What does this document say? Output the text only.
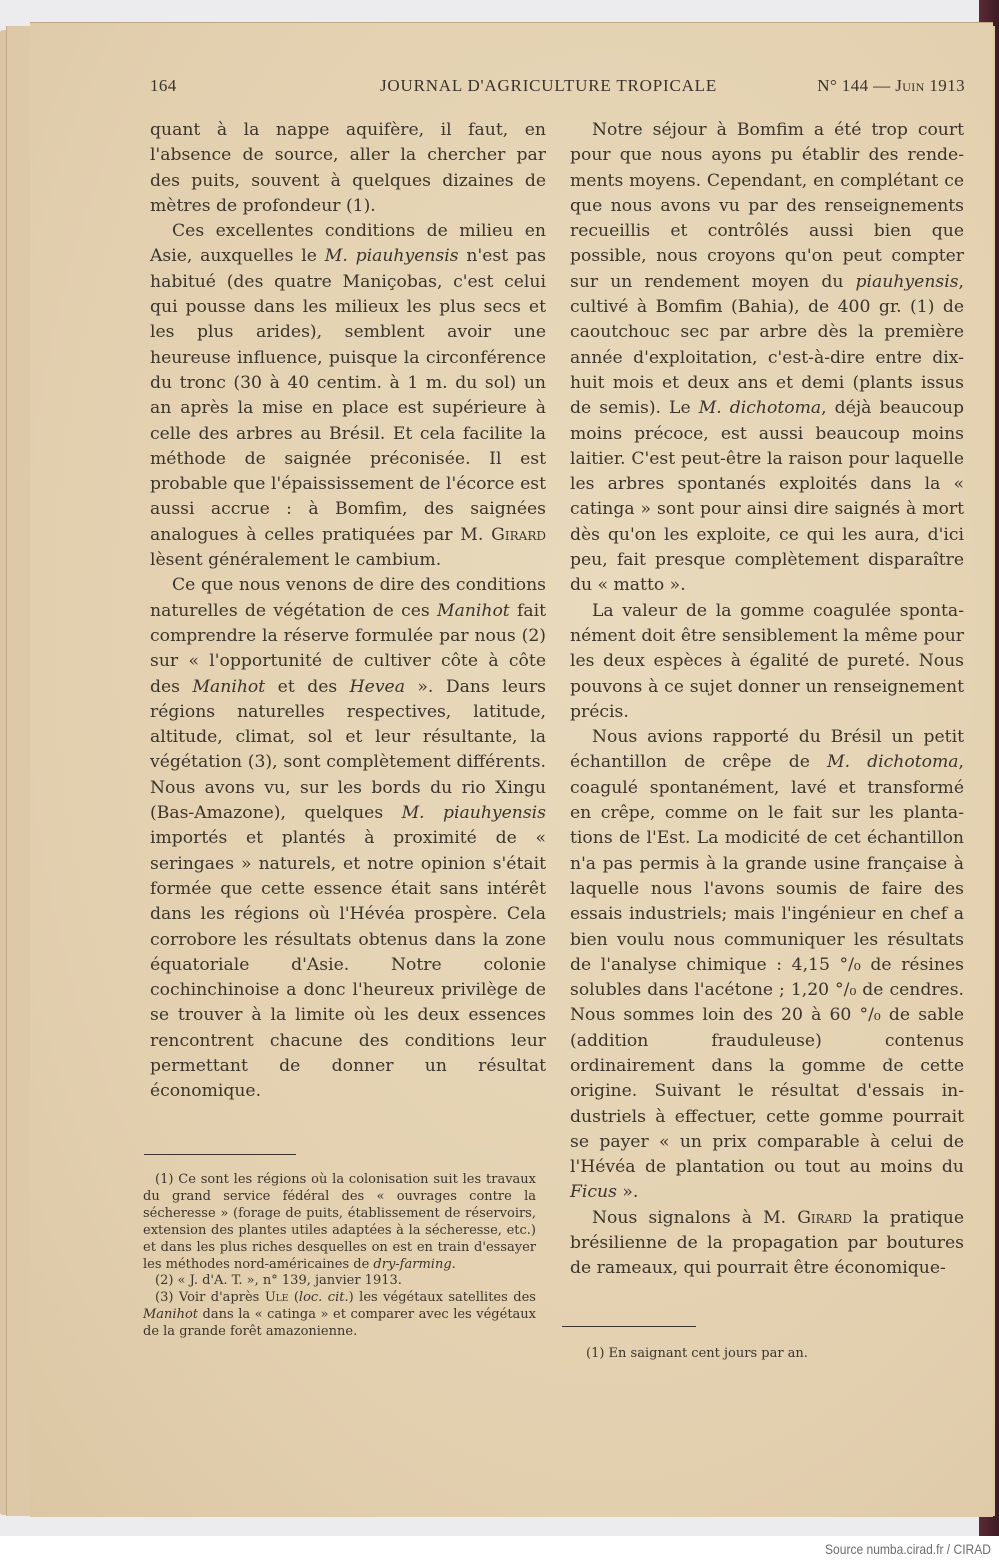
164	JOURNAL D'AGRICULTURE TROPICALE	N° 144 — Juin 1913

quant à la nappe aquifère, il faut, en l'absence de source, aller la chercher par des puits, souvent à quelques dizaines de mètres de profondeur (1).

Ces excellentes conditions de milieu en Asie, auxquelles le M. piauhyensis n'est pas habitué (des quatre Maniçobas, c'est celui qui pousse dans les milieux les plus secs et les plus arides), semblent avoir une heureuse influence, puisque la circonférence du tronc (30 à 40 centim. à 1 m. du sol) un an après la mise en place est supérieure à celle des arbres au Brésil. Et cela facilite la méthode de saignée préconisée. Il est probable que l'épaississement de l'écorce est aussi accrue : à Bomfim, des saignées analogues à celles pratiquées par M. Girard lèsent généralement le cambium.

Ce que nous venons de dire des conditions naturelles de végétation de ces Manihot fait comprendre la réserve formulée par nous (2) sur « l'opportunité de cultiver côte à côte des Manihot et des Hevea ». Dans leurs régions naturelles respectives, latitude, altitude, climat, sol et leur résultante, la végétation (3), sont complètement différents. Nous avons vu, sur les bords du rio Xingu (Bas-Amazone), quelques M. piauhyensis importés et plantés à proximité de « seringaes » naturels, et notre opinion s'était formée que cette essence était sans intérêt dans les régions où l'Hévéa prospère. Cela corrobore les résultats obtenus dans la zone équatoriale d'Asie. Notre colonie cochinchinoise a donc l'heureux privilège de se trouver à la limite où les deux essences rencontrent chacune des conditions leur permettant de donner un résultat économique.

(1) Ce sont les régions où la colonisation suit les travaux du grand service fédéral des « ouvrages contre la sécheresse » (forage de puits, établissement de réservoirs, extension des plantes utiles adaptées à la sécheresse, etc.) et dans les plus riches desquelles on est en train d'essayer les méthodes nord-américaines de dry-farming.

(2) « J. d'A. T. », n° 139, janvier 1913.

(3) Voir d'après Ule (loc. cit.) les végétaux satellites des Manihot dans la « catinga » et comparer avec les végétaux de la grande forêt amazonienne.

Notre séjour à Bomfim a été trop court pour que nous ayons pu établir des rendements moyens. Cependant, en complétant ce que nous avons vu par des renseignements recueillis et contrôlés aussi bien que possible, nous croyons qu'on peut compter sur un rendement moyen du piauhyensis, cultivé à Bomfim (Bahia), de 400 gr. (1) de caoutchouc sec par arbre dès la première année d'exploitation, c'est-à-dire entre dix-huit mois et deux ans et demi (plants issus de semis). Le M. dichotoma, déjà beaucoup moins précoce, est aussi beaucoup moins laitier. C'est peut-être la raison pour laquelle les arbres spontanés exploités dans la « catinga » sont pour ainsi dire saignés à mort dès qu'on les exploite, ce qui les aura, d'ici peu, fait presque complètement disparaître du « matto ».

La valeur de la gomme coagulée spontanément doit être sensiblement la même pour les deux espèces à égalité de pureté. Nous pouvons à ce sujet donner un renseignement précis.

Nous avions rapporté du Brésil un petit échantillon de crêpe de M. dichotoma, coagulé spontanément, lavé et transformé en crêpe, comme on le fait sur les plantations de l'Est. La modicité de cet échantillon n'a pas permis à la grande usine française à laquelle nous l'avons soumis de faire des essais industriels; mais l'ingénieur en chef a bien voulu nous communiquer les résultats de l'analyse chimique : 4,15 °/₀ de résines solubles dans l'acétone ; 1,20 °/₀ de cendres. Nous sommes loin des 20 à 60 °/₀ de sable (addition frauduleuse) contenus ordinairement dans la gomme de cette origine. Suivant le résultat d'essais industriels à effectuer, cette gomme pourrait se payer « un prix comparable à celui de l'Hévéa de plantation ou tout au moins du Ficus ».

Nous signalons à M. Girard la pratique brésilienne de la propagation par boutures de rameaux, qui pourrait être économique-

(1) En saignant cent jours par an.

Source numba.cirad.fr / CIRAD
